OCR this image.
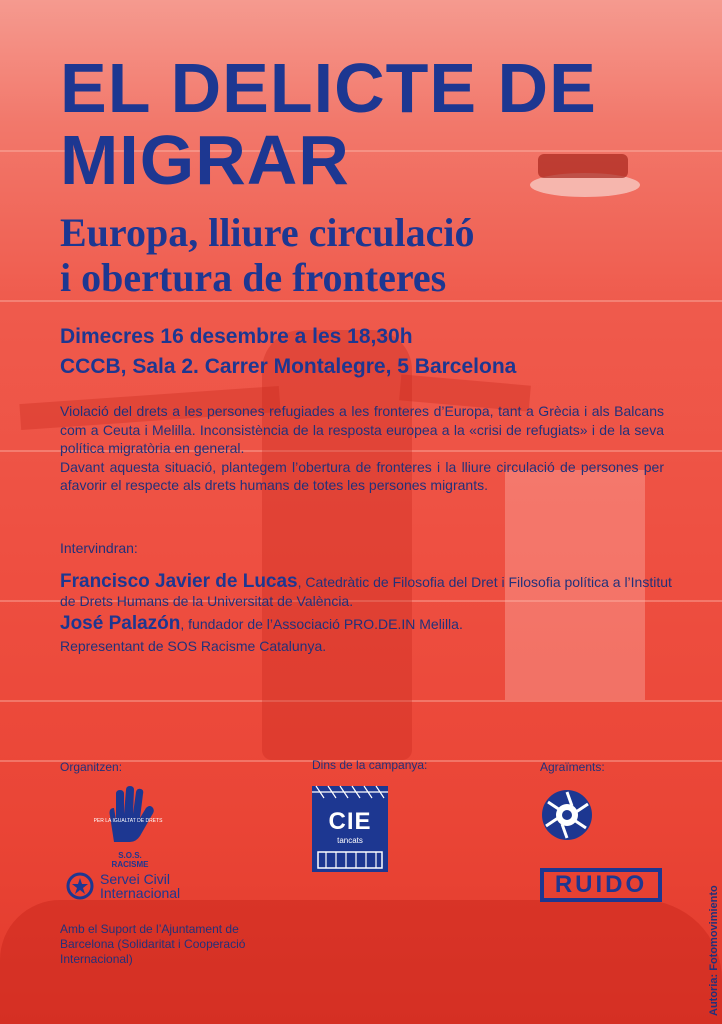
EL DELICTE DE MIGRAR
Europa, lliure circulació
i obertura de fronteres
Dimecres 16 desembre a les 18,30h
CCCB, Sala 2. Carrer Montalegre, 5 Barcelona

Violació del drets a les persones refugiades a les fronteres d’Europa, tant a Grècia i als Balcans com a Ceuta i Melilla. Inconsistència de la resposta europea a la «crisi de refugiats» i de la seva política migratòria en general.

Davant aquesta situació, plantegem l’obertura de fronteres i la lliure circulació de persones per afavorir el respecte als drets humans de totes les persones migrants.

Intervindran:
Francisco Javier de Lucas, Catedràtic de Filosofia del Dret i Filosofia política a l’Institut de Drets Humans de la Universitat de València.
José Palazón, fundador de l’Associació PRO.DE.IN Melilla.
Representant de SOS Racisme Catalunya.
Organitzen:	Dins de la campanya:	Agraïments:
PER LA IGUALTAT DE DRETS
S.O.S. RACISME
Servei Civil
Internacional
CIE
tancats
RUIDO
Amb el Suport de l’Ajuntament de Barcelona (Solidaritat i Cooperació Internacional)	Autoria: Fotomovimiento
